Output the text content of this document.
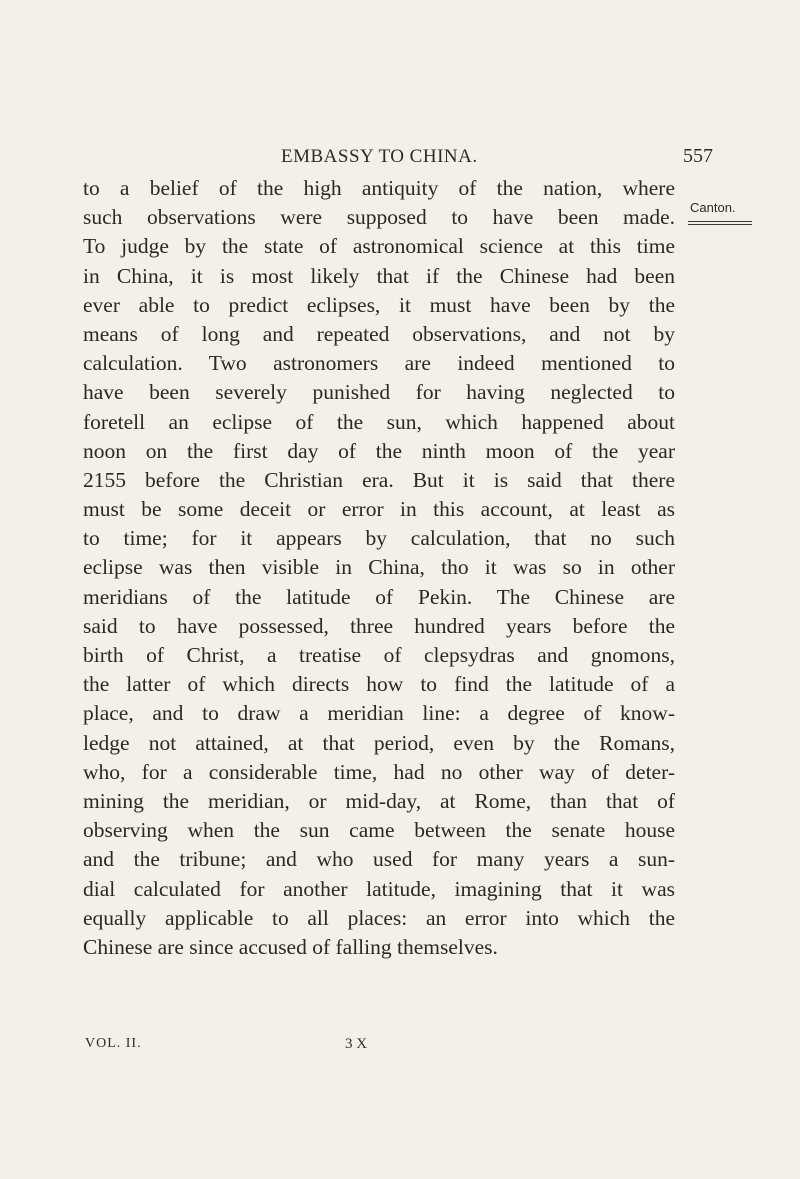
EMBASSY TO CHINA.	557
Canton.
to a belief of the high antiquity of the nation, where
such observations were supposed to have been made.
To judge by the state of astronomical science at this time
in China, it is most likely that if the Chinese had been
ever able to predict eclipses, it must have been by the
means of long and repeated observations, and not by
calculation. Two astronomers are indeed mentioned to
have been severely punished for having neglected to
foretell an eclipse of the sun, which happened about
noon on the first day of the ninth moon of the year
2155 before the Christian era. But it is said that there
must be some deceit or error in this account, at least as
to time; for it appears by calculation, that no such
eclipse was then visible in China, tho it was so in other
meridians of the latitude of Pekin. The Chinese are
said to have possessed, three hundred years before the
birth of Christ, a treatise of clepsydras and gnomons,
the latter of which directs how to find the latitude of a
place, and to draw a meridian line: a degree of know-
ledge not attained, at that period, even by the Romans,
who, for a considerable time, had no other way of deter-
mining the meridian, or mid-day, at Rome, than that of
observing when the sun came between the senate house
and the tribune; and who used for many years a sun-
dial calculated for another latitude, imagining that it was
equally applicable to all places: an error into which the
Chinese are since accused of falling themselves.
VOL. II.	3 X
